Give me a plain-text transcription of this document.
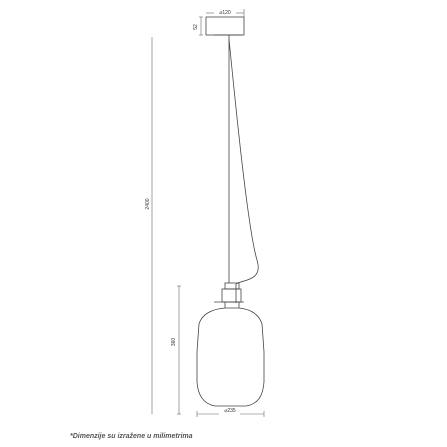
⌀120
52
2400
360
⌀235
*Dimenzije su izražene u milimetrima
